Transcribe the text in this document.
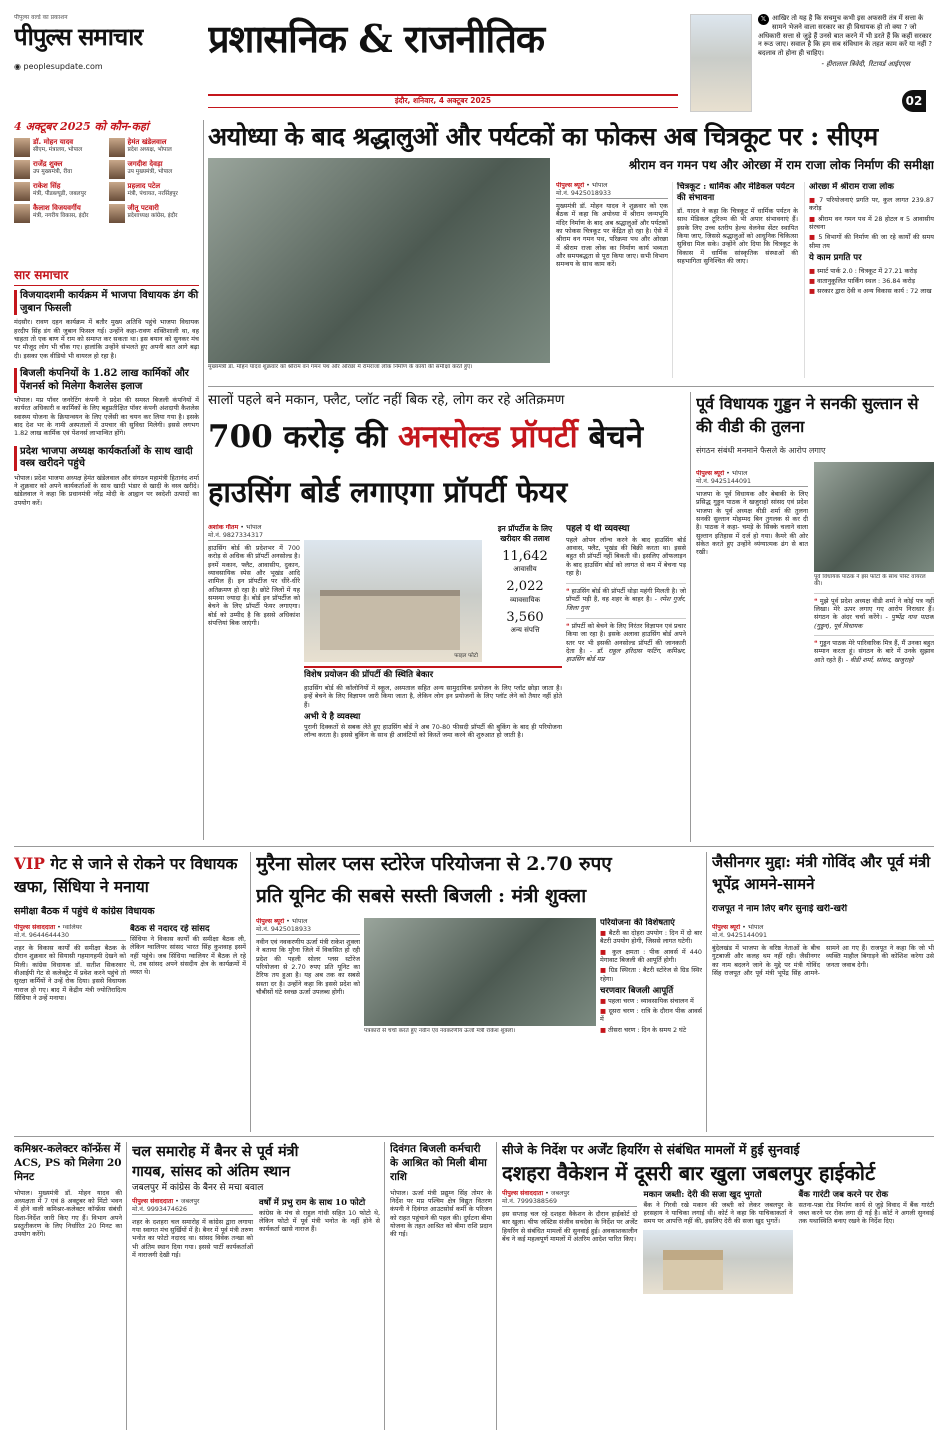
पीपुल्स वर्ल्ड का प्रकाशन
पीपुल्स समाचार
◉ peoplesupdate.com
प्रशासनिक & राजनीतिक
इंदौर, शनिवार, 4 अक्टूबर 2025
𝕏 आखिर तो यह है कि सचमुच कभी इस अफसरी तंत्र में सत्ता के सामने भेजने वाला सरकार का ही विधायक हो तो क्या ? जो अधिकारी सत्ता से जुड़े हैं उनसे बात करने में भी डरते हैं कि कहीं सरकार न रूठ जाए। सवाल है कि हम सब संविधान के तहत काम करें या नहीं ? बदलाव तो होना ही चाहिए।
- हीरालाल त्रिवेदी, रिटायर्ड आईएएस
02
4 अक्टूबर 2025 को कौन-कहां
डॉ. मोहन यादव
सीएम, मंत्रालय, भोपाल
हेमंत खंडेलवाल
प्रदेश अध्यक्ष, भोपाल
राजेंद्र शुक्ल
उप मुख्यमंत्री, रीवा
जगदीश देवड़ा
उप मुख्यमंत्री, भोपाल
राकेश सिंह
मंत्री, पीडब्ल्यूडी, जबलपुर
प्रहलाद पटेल
मंत्री, पंचायत, नरसिंहपुर
कैलाश विजयवर्गीय
मंत्री, नगरीय विकास, इंदौर
जीतू पटवारी
प्रदेशाध्यक्ष कांग्रेस, इंदौर
सार समाचार
विजयादशमी कार्यक्रम में भाजपा विधायक डंग की जुबान फिसली
मंदसौर। रावण दहन कार्यक्रम में बतौर मुख्य अतिथि पहुंचे भाजपा विधायक हरदीप सिंह डंग की जुबान फिसल गई। उन्होंने कहा-रावण शक्तिशाली था, वह चाहता तो एक बाण में राम को समाप्त कर सकता था। इस बयान को सुनकर मंच पर मौजूद लोग भी चौंक गए। हालांकि उन्होंने संभलते हुए अपनी बात आगे बढ़ा दी। इसका एक वीडियो भी वायरल हो रहा है।
बिजली कंपनियों के 1.82 लाख कार्मिकों और पेंशनर्स को मिलेगा कैशलेस इलाज
भोपाल। मप्र पॉवर जनरेटिंग कंपनी ने प्रदेश की समस्त बिजली कंपनियों में कार्यरत अधिकारी व कार्मिकों के लिए बहुप्रतीक्षित पॉवर कंपनी अंशदायी कैशलेस स्वास्थ्य योजना के क्रियान्वयन के लिए एजेंसी का चयन कर लिया गया है। इसके बाद देश भर के नामी अस्पतालों में उपचार की सुविधा मिलेगी। इससे लगभग 1.82 लाख कार्मिक एवं पेंशनर्स लाभान्वित होंगे।
प्रदेश भाजपा अध्यक्ष कार्यकर्ताओं के साथ खादी वस्त्र खरीदने पहुंचे
भोपाल। प्रदेश भाजपा अध्यक्ष हेमंत खंडेलवाल और संगठन महामंत्री हितानंद शर्मा ने शुक्रवार को अपने कार्यकर्ताओं के साथ खादी भंडार से खादी के वस्त्र खरीदे। खंडेलवाल ने कहा कि प्रधानमंत्री नरेंद्र मोदी के आह्वान पर स्वदेशी उत्पादों का उपयोग करें।
अयोध्या के बाद श्रद्धालुओं और पर्यटकों का फोकस अब चित्रकूट पर : सीएम
श्रीराम वन गमन पथ और ओरछा में राम राजा लोक निर्माण की समीक्षा
मुख्यमंत्री डॉ. मोहन यादव शुक्रवार को श्रीराम वन गमन पथ और ओरछा में रामराजा लोक निर्माण के कार्यों की समीक्षा करते हुए।
पीपुल्स ब्यूरो • भोपाल
मो.नं. 9425018933
मुख्यमंत्री डॉ. मोहन यादव ने शुक्रवार को एक बैठक में कहा कि अयोध्या में श्रीराम जन्मभूमि मंदिर निर्माण के बाद अब श्रद्धालुओं और पर्यटकों का फोकस चित्रकूट पर केंद्रित हो रहा है। ऐसे में श्रीराम वन गमन पथ, परिक्रमा पथ और ओरछा में श्रीराम राजा लोक का निर्माण कार्य भव्यता और समयबद्धता से पूरा किया जाए। सभी विभाग समन्वय के साथ काम करें।
चित्रकूट : धार्मिक और मेडिकल पर्यटन की संभावना
डॉ. यादव ने कहा कि चित्रकूट में धार्मिक पर्यटन के साथ मेडिकल टूरिज्म की भी अपार संभावनाएं हैं। इसके लिए उच्च स्तरीय हेल्थ वेलनेस सेंटर स्थापित किया जाए, जिससे श्रद्धालुओं को आधुनिक चिकित्सा सुविधा मिल सके। उन्होंने ओर दिया कि चित्रकूट के विकास में धार्मिक सांस्कृतिक संस्थाओं की सहभागिता सुनिश्चित की जाए।
ओरछा में श्रीराम राजा लोक
■ 7 परियोजनाएं प्रगति पर, कुल लागत 239.87 करोड़
■ श्रीराम वन गमन पथ में 28 होटल व 5 आवासीय संरचना
■ 5 विभागों की निर्माण की जा रहे कार्यों की समय सीमा तय
ये काम प्रगति पर
■ स्मार्ट पार्क 2.0 : चित्रकूट में 27.21 करोड़
■ वातानुकूलित पार्किंग स्थल : 36.84 करोड़
■ सरकार द्वारा देवी व अन्य विकास कार्य : 72 लाख
सालों पहले बने मकान, फ्लैट, प्लॉट नहीं बिक रहे, लोग कर रहे अतिक्रमण
700 करोड़ की अनसोल्ड प्रॉपर्टी बेचने
हाउसिंग बोर्ड लगाएगा प्रॉपर्टी फेयर
अशोक गौतम • भोपाल
मो.नं. 9827334317
हाउसिंग बोर्ड की प्रदेशभर में 700 करोड़ से अधिक की प्रॉपर्टी अनसोल्ड है। इनमें मकान, फ्लैट, आवासीय, दुकान, व्यावसायिक स्पेस और भूखंड आदि शामिल हैं। इन प्रॉपर्टीज पर धीरे-धीरे अतिक्रमण हो रहा है। छोटे जिलों में यह समस्या ज्यादा है। बोर्ड इन प्रॉपर्टीज को बेचने के लिए प्रॉपर्टी फेयर लगाएगा। बोर्ड को उम्मीद है कि इससे अधिकांश संपत्तियां बिक जाएंगी।
फाइल फोटो
इन प्रॉपर्टीज के लिए खरीदार की तलाश
11,642
आवासीय
2,022
व्यावसायिक
3,560
अन्य संपत्ति
पहले ये थी व्यवस्था
पहले ओपन लॉन्च करने के बाद हाउसिंग बोर्ड आवास, फ्लैट, भूखंड की बिक्री करता था। इससे बहुत सी प्रॉपर्टी नहीं बिकती थी। इसलिए ऑफलाइन के बाद हाउसिंग बोर्ड को लागत से कम में बेचना पड़ रहा है।
❝ हाउसिंग बोर्ड की प्रॉपर्टी थोड़ा महंगी मिलती है। जो प्रॉपर्टी पड़ी है, वह शहर के बाहर है। - रमेश गुर्जर, जिला गुना
❝ प्रॉपर्टी को बेचने के लिए निरंतर विज्ञापन एवं प्रचार किया जा रहा है। इसके अलावा हाउसिंग बोर्ड अपने स्तर पर भी इसकी अनसोल्ड प्रॉपर्टी की जानकारी देता है। - डॉ. राहुल हरिदास फटिंग, कमिश्नर, हाउसिंग बोर्ड मप्र
विशेष प्रयोजन की प्रॉपर्टी की स्थिति बेकार
हाउसिंग बोर्ड की कॉलोनियों में स्कूल, अस्पताल सहित अन्य सामुदायिक प्रयोजन के लिए प्लॉट छोड़ा जाता है। इन्हें बेचने के लिए विज्ञापन जारी किया जाता है, लेकिन लोग इन प्रयोजनों के लिए प्लॉट लेने को तैयार नहीं होते हैं।
अभी ये है व्यवस्था
पुरानी दिक्कतों से सबक लेते हुए हाउसिंग बोर्ड ने अब 70-80 फीसदी प्रॉपर्टी की बुकिंग के बाद ही परियोजना लॉन्च करता है। इससे बुकिंग के साथ ही आवंटियों को किस्तें जमा करने की शुरुआत हो जाती है।
पूर्व विधायक गुड्डन ने सनकी सुल्तान से की वीडी की तुलना
संगठन संबंधी मनमाने फैसले के आरोप लगाए
पीपुल्स ब्यूरो • भोपाल
मो.नं. 9425144091
भाजपा के पूर्व विधायक और बेबाकी के लिए प्रसिद्ध गुड्डन पाठक ने खजुराहो सांसद एवं प्रदेश भाजपा के पूर्व अध्यक्ष वीडी शर्मा की तुलना सनकी सुल्तान मोहम्मद बिन तुगलक से कर दी है। पाठक ने कहा- चमड़े के सिक्के चलाने वाला सुल्तान इतिहास में दर्ज हो गया। कैमरे की ओर संकेत करते हुए उन्होंने व्यंग्यात्मक ढंग से बात रखी।
पूर्व विधायक पाठक ने इस फोटो के साथ पोस्ट वायरल की।
❝ मुझे पूर्व प्रदेश अध्यक्ष वीडी शर्मा ने कोई पत्र नहीं लिखा। मेरे ऊपर लगाए गए आरोप निराधार हैं। संगठन के अंदर चर्चा करेंगे। - पुष्पेंद्र नाथ पाठक (गुड्डन), पूर्व विधायक
❝ गुड्डन पाठक मेरे पारिवारिक मित्र हैं, मैं उनका बहुत सम्मान करता हूं। संगठन के बारे में उनके सुझाव आते रहते हैं। - वीडी शर्मा, सांसद, खजुराहो
VIP गेट से जाने से रोकने पर विधायक खफा, सिंधिया ने मनाया
समीक्षा बैठक में पहुंचे थे कांग्रेस विधायक
पीपुल्स संवाददाता • ग्वालियर
मो.नं. 9644644430
शहर के विकास कार्यों की समीक्षा बैठक के दौरान शुक्रवार को सियासी गहमागहमी देखने को मिली। कांग्रेस विधायक डॉ. सतीश सिकरवार वीआईपी गेट से कलेक्ट्रेट में प्रवेश करने पहुंचे तो सुरक्षा कर्मियों ने उन्हें रोक दिया। इससे विधायक नाराज हो गए। बाद में केंद्रीय मंत्री ज्योतिरादित्य सिंधिया ने उन्हें मनाया।
बैठक से नदारद रहे सांसद
सिंधिया ने विकास कार्यों की समीक्षा बैठक ली, लेकिन ग्वालियर सांसद भारत सिंह कुशवाह इसमें नहीं पहुंचे। जब सिंधिया ग्वालियर में बैठक ले रहे थे, तब सांसद अपने संसदीय क्षेत्र के कार्यक्रमों में व्यस्त थे।
मुरैना सोलर प्लस स्टोरेज परियोजना से 2.70 रुपए
प्रति यूनिट की सबसे सस्ती बिजली : मंत्री शुक्ला
पीपुल्स ब्यूरो • भोपाल
मो.नं. 9425018933
नवीन एवं नवकरणीय ऊर्जा मंत्री राकेश शुक्ला ने बताया कि मुरैना जिले में विकसित हो रही प्रदेश की पहली सोलर प्लस स्टोरेज परियोजना से 2.70 रुपए प्रति यूनिट का टैरिफ तय हुआ है। यह अब तक का सबसे सस्ता दर है। उन्होंने कहा कि इससे प्रदेश को चौबीसों घंटे स्वच्छ ऊर्जा उपलब्ध होगी।
पत्रकारों से चर्चा करते हुए नवीन एवं नवकरणीय ऊर्जा मंत्री राकेश शुक्ला।
परियोजना की विशेषताएं
■ बैटरी का दोहरा उपयोग : दिन में दो बार बैटरी उपयोग होगी, जिससे लागत घटेगी।
■ कुल क्षमता : पीक आवर्स में 440 मेगावाट बिजली की आपूर्ति होगी।
■ ग्रिड स्थिरता : बैटरी स्टोरेज से ग्रिड स्थिर रहेगा।
चरणवार बिजली आपूर्ति
■ पहला चरण : व्यावसायिक संचालन में
■ दूसरा चरण : रात्रि के दौरान पीक आवर्स में
■ तीसरा चरण : दिन के समय 2 घंटे
जैसीनगर मुद्दा: मंत्री गोविंद और पूर्व मंत्री भूपेंद्र आमने-सामने
राजपूत ने नाम लिए बगैर सुनाई खरी-खरी
पीपुल्स ब्यूरो • भोपाल
मो.नं. 9425144091
बुंदेलखंड में भाजपा के वरिष्ठ नेताओं के बीच गुटबाजी और कलह थम नहीं रही। जैसीनगर का नाम बदलने जाने के मुद्दे पर मंत्री गोविंद सिंह राजपूत और पूर्व मंत्री भूपेंद्र सिंह आमने-सामने आ गए हैं। राजपूत ने कहा कि जो भी व्यक्ति माहौल बिगाड़ने की कोशिश करेगा उसे जनता जवाब देगी।
कमिश्नर-कलेक्टर कॉन्फ्रेंस में ACS, PS को मिलेगा 20 मिनट
भोपाल। मुख्यमंत्री डॉ. मोहन यादव की अध्यक्षता में 7 एवं 8 अक्टूबर को मिंटो भवन में होने वाली कमिश्नर-कलेक्टर कॉन्फ्रेंस संबंधी दिशा-निर्देश जारी किए गए हैं। विभाग अपने प्रस्तुतीकरण के लिए निर्धारित 20 मिनट का उपयोग करेंगे।
चल समारोह में बैनर से पूर्व मंत्री
गायब, सांसद को अंतिम स्थान
जबलपुर में कांग्रेस के बैनर से मचा बवाल
पीपुल्स संवाददाता • जबलपुर
मो.नं. 9993474626
शहर के दशहरा चल समारोह में कांग्रेस द्वारा लगाया गया स्वागत मंच सुर्खियों में है। बैनर में पूर्व मंत्री तरुण भनोत का फोटो नदारद था। सांसद विवेक तन्खा को भी अंतिम स्थान दिया गया। इससे पार्टी कार्यकर्ताओं में नाराजगी देखी गई।
वर्षों में प्रभु राम के साथ 10 फोटो
कांग्रेस के मंच से राहुल गांधी सहित 10 फोटो थे, लेकिन फोटो में पूर्व मंत्री भनोत के नहीं होने से कार्यकर्ता खासे नाराज हैं।
दिवंगत बिजली कर्मचारी के आश्रित को मिली बीमा राशि
भोपाल। ऊर्जा मंत्री प्रद्युम्न सिंह तोमर के निर्देश पर मप्र पश्चिम क्षेत्र विद्युत वितरण कंपनी ने दिवंगत आउटसोर्स कर्मी के परिजन को राहत पहुंचाने की पहल की। दुर्घटना बीमा योजना के तहत आश्रित को बीमा राशि प्रदान की गई।
सीजे के निर्देश पर अर्जेंट हियरिंग से संबंधित मामलों में हुई सुनवाई
दशहरा वैकेशन में दूसरी बार खुला जबलपुर हाईकोर्ट
पीपुल्स संवाददाता • जबलपुर
मो.नं. 7999388569
इस सप्ताह चल रहे दशहरा वैकेशन के दौरान हाईकोर्ट दो बार खुला। चीफ जस्टिस संजीव सचदेवा के निर्देश पर अर्जेंट हियरिंग से संबंधित मामलों की सुनवाई हुई। अवकाशकालीन बेंच ने कई महत्वपूर्ण मामलों में अंतरिम आदेश पारित किए।
मकान जब्ती: देरी की सजा खुद भुगतो
बैंक ने गिरवी रखे मकान की जब्ती को लेकर जबलपुर के हरसहाय ने याचिका लगाई थी। कोर्ट ने कहा कि याचिकाकर्ता ने समय पर आपत्ति नहीं की, इसलिए देरी की सजा खुद भुगतें।
बैंक गारंटी जब करने पर रोक
सतना-पन्ना रोड निर्माण कार्य से जुड़े विवाद में बैंक गारंटी जब्त करने पर रोक लगा दी गई है। कोर्ट ने अगली सुनवाई तक यथास्थिति बनाए रखने के निर्देश दिए।
